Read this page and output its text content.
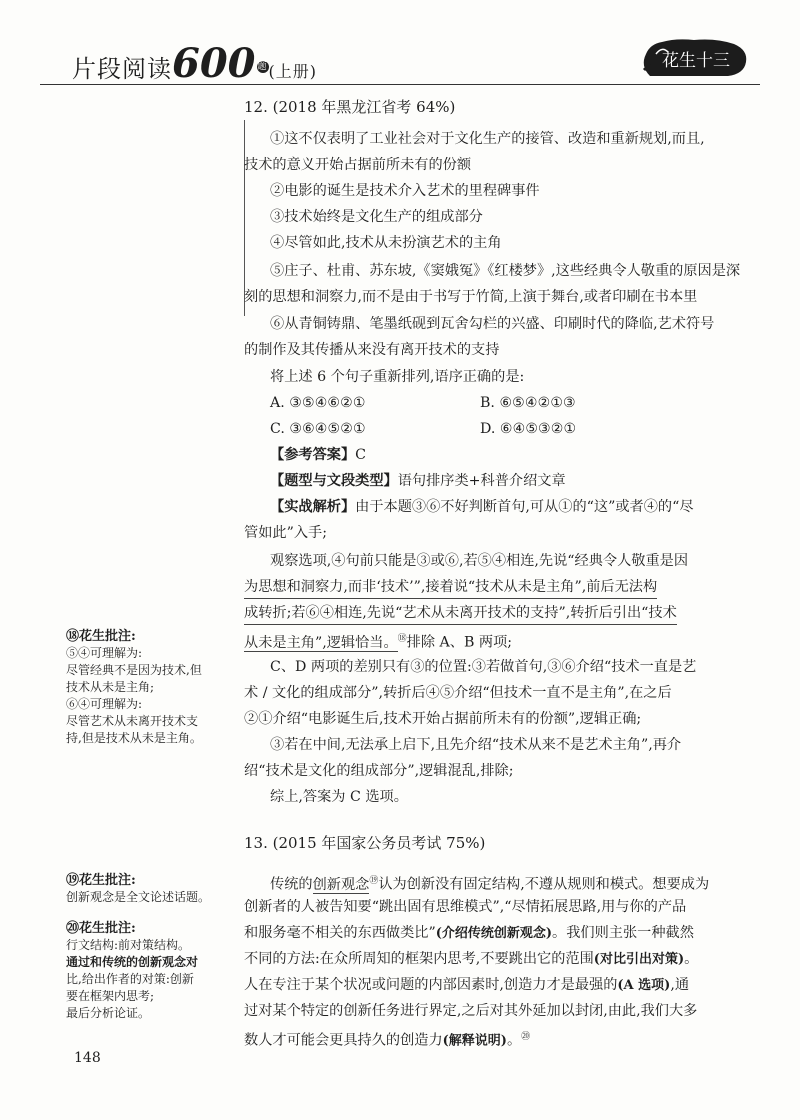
片段阅读600 题(上册)
花生十三
12. (2018 年黑龙江省考 64%)
①这不仅表明了工业社会对于文化生产的接管、改造和重新规划,而且,
技术的意义开始占据前所未有的份额
②电影的诞生是技术介入艺术的里程碑事件
③技术始终是文化生产的组成部分
④尽管如此,技术从未扮演艺术的主角
⑤庄子、杜甫、苏东坡,《窦娥冤》《红楼梦》,这些经典令人敬重的原因是深
刻的思想和洞察力,而不是由于书写于竹简,上演于舞台,或者印刷在书本里
⑥从青铜铸鼎、笔墨纸砚到瓦舍勾栏的兴盛、印刷时代的降临,艺术符号
的制作及其传播从来没有离开技术的支持
将上述 6 个句子重新排列,语序正确的是:
A. ③⑤④⑥②①	B. ⑥⑤④②①③
C. ③⑥④⑤②①	D. ⑥④⑤③②①
【参考答案】C
【题型与文段类型】语句排序类+科普介绍文章
【实战解析】由于本题③⑥不好判断首句,可从①的“这”或者④的“尽
管如此”入手;
观察选项,④句前只能是③或⑥,若⑤④相连,先说“经典令人敬重是因
为思想和洞察力,而非‘技术’”,接着说“技术从未是主角”,前后无法构
成转折;若⑥④相连,先说“艺术从未离开技术的支持”,转折后引出“技术
从未是主角”,逻辑恰当。⑱排除 A、B 两项;
C、D 两项的差别只有③的位置:③若做首句,③⑥介绍“技术一直是艺
术 / 文化的组成部分”,转折后④⑤介绍“但技术一直不是主角”,在之后
②①介绍“电影诞生后,技术开始占据前所未有的份额”,逻辑正确;
③若在中间,无法承上启下,且先介绍“技术从来不是艺术主角”,再介
绍“技术是文化的组成部分”,逻辑混乱,排除;
综上,答案为 C 选项。
⑱花生批注:
⑤④可理解为:
尽管经典不是因为技术,但
技术从未是主角;
⑥④可理解为:
尽管艺术从未离开技术支
持,但是技术从未是主角。
13. (2015 年国家公务员考试 75%)
传统的创新观念⑲认为创新没有固定结构,不遵从规则和模式。想要成为
创新者的人被告知要“跳出固有思维模式”,“尽情拓展思路,用与你的产品
和服务毫不相关的东西做类比”(介绍传统创新观念)。我们则主张一种截然
不同的方法:在众所周知的框架内思考,不要跳出它的范围(对比引出对策)。
人在专注于某个状况或问题的内部因素时,创造力才是最强的(A 选项),通
过对某个特定的创新任务进行界定,之后对其外延加以封闭,由此,我们大多
数人才可能会更具持久的创造力(解释说明)。⑳
⑲花生批注:
创新观念是全文论述话题。
⑳花生批注:
行文结构:前对策结构。
通过和传统的创新观念对
比,给出作者的对策:创新
要在框架内思考;
最后分析论证。
148
